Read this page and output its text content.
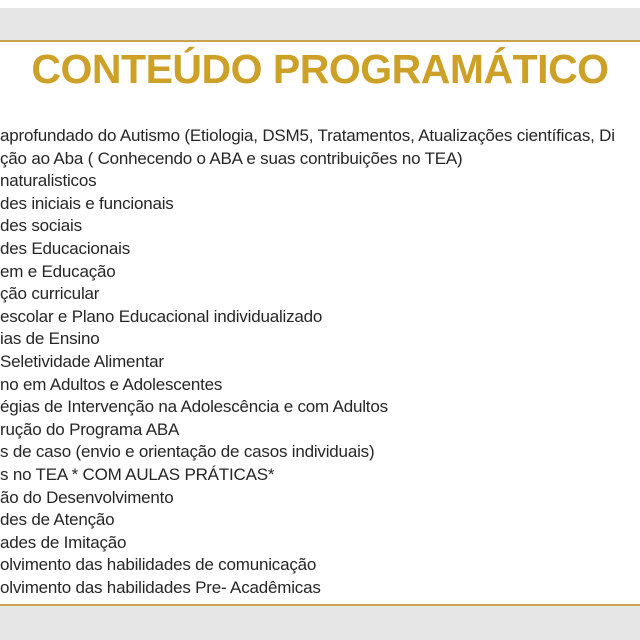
CONTEÚDO PROGRAMÁTICO
aprofundado do Autismo (Etiologia, DSM5, Tratamentos, Atualizações científicas, Di
ção ao Aba ( Conhecendo o ABA e suas contribuições no TEA)
naturalisticos
des iniciais e funcionais
des sociais
des Educacionais
em e Educação
ção curricular
escolar e Plano Educacional individualizado
ias de Ensino
Seletividade Alimentar
no em Adultos e Adolescentes
égias de Intervenção na Adolescência e com Adultos
rução do Programa ABA
s de caso (envio e orientação de casos individuais)
s no TEA * COM AULAS PRÁTICAS*
ão do Desenvolvimento
des de Atenção
ades de Imitação
olvimento das habilidades de comunicação
olvimento das habilidades Pre- Acadêmicas
